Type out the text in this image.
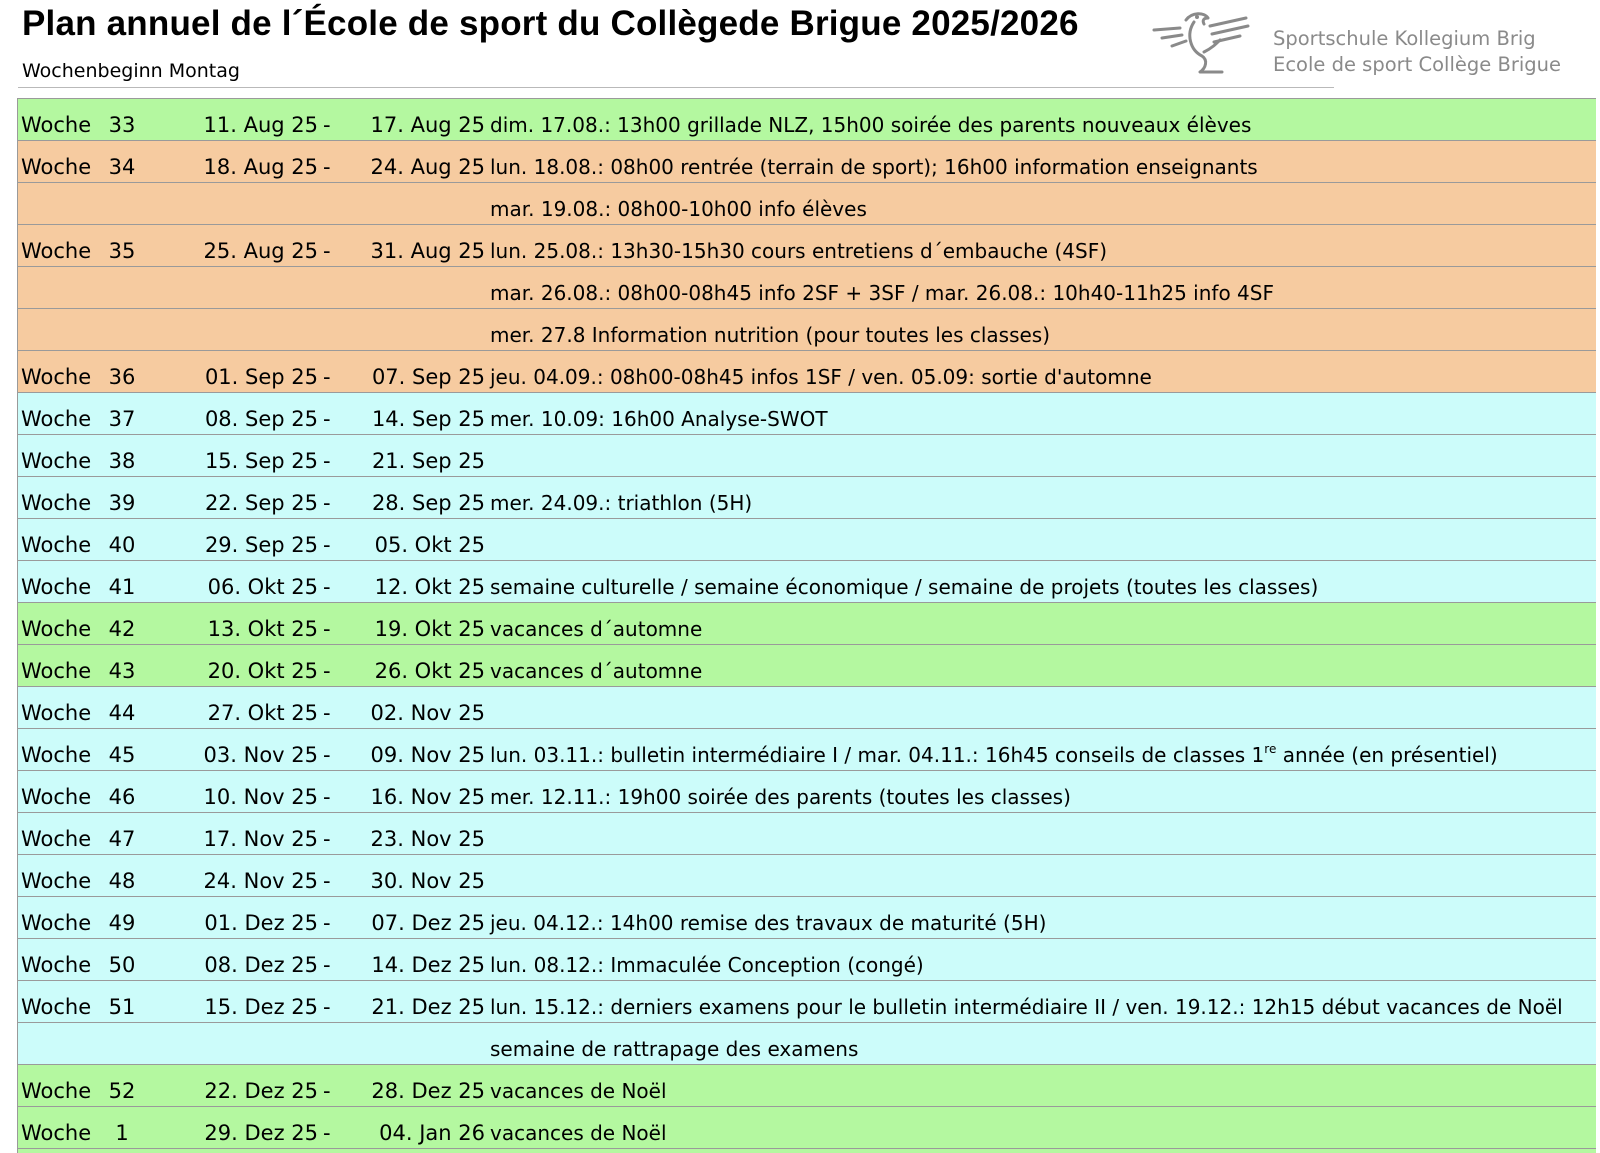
Plan annuel de l´École de sport du Collègede Brigue 2025/2026
Wochenbeginn Montag
Sportschule Kollegium Brig
Ecole de sport Collège Brigue
Woche 33	11. Aug 25 -	17. Aug 25 dim. 17.08.: 13h00 grillade NLZ, 15h00 soirée des parents nouveaux élèves
Woche 34	18. Aug 25 -	24. Aug 25 lun. 18.08.: 08h00 rentrée (terrain de sport); 16h00 information enseignants
mar. 19.08.: 08h00-10h00 info élèves
Woche 35	25. Aug 25 -	31. Aug 25 lun. 25.08.: 13h30-15h30 cours entretiens d´embauche (4SF)
mar. 26.08.: 08h00-08h45 info 2SF + 3SF / mar. 26.08.: 10h40-11h25 info 4SF
mer. 27.8 Information nutrition (pour toutes les classes)
Woche 36	01. Sep 25 -	07. Sep 25 jeu. 04.09.: 08h00-08h45 infos 1SF / ven. 05.09: sortie d'automne
Woche 37	08. Sep 25 -	14. Sep 25 mer. 10.09: 16h00 Analyse-SWOT
Woche 38	15. Sep 25 -	21. Sep 25
Woche 39	22. Sep 25 -	28. Sep 25 mer. 24.09.: triathlon (5H)
Woche 40	29. Sep 25 -	05. Okt 25
Woche 41	06. Okt 25 -	12. Okt 25 semaine culturelle / semaine économique / semaine de projets (toutes les classes)
Woche 42	13. Okt 25 -	19. Okt 25 vacances d´automne
Woche 43	20. Okt 25 -	26. Okt 25 vacances d´automne
Woche 44	27. Okt 25 -	02. Nov 25
Woche 45	03. Nov 25 -	09. Nov 25 lun. 03.11.: bulletin intermédiaire I / mar. 04.11.: 16h45 conseils de classes 1re année (en présentiel)
Woche 46	10. Nov 25 -	16. Nov 25 mer. 12.11.: 19h00 soirée des parents (toutes les classes)
Woche 47	17. Nov 25 -	23. Nov 25
Woche 48	24. Nov 25 -	30. Nov 25
Woche 49	01. Dez 25 -	07. Dez 25 jeu. 04.12.: 14h00 remise des travaux de maturité (5H)
Woche 50	08. Dez 25 -	14. Dez 25 lun. 08.12.: Immaculée Conception (congé)
Woche 51	15. Dez 25 -	21. Dez 25 lun. 15.12.: derniers examens pour le bulletin intermédiaire II / ven. 19.12.: 12h15 début vacances de Noël
semaine de rattrapage des examens
Woche 52	22. Dez 25 -	28. Dez 25 vacances de Noël
Woche	1	29. Dez 25 -	04. Jan 26 vacances de Noël
